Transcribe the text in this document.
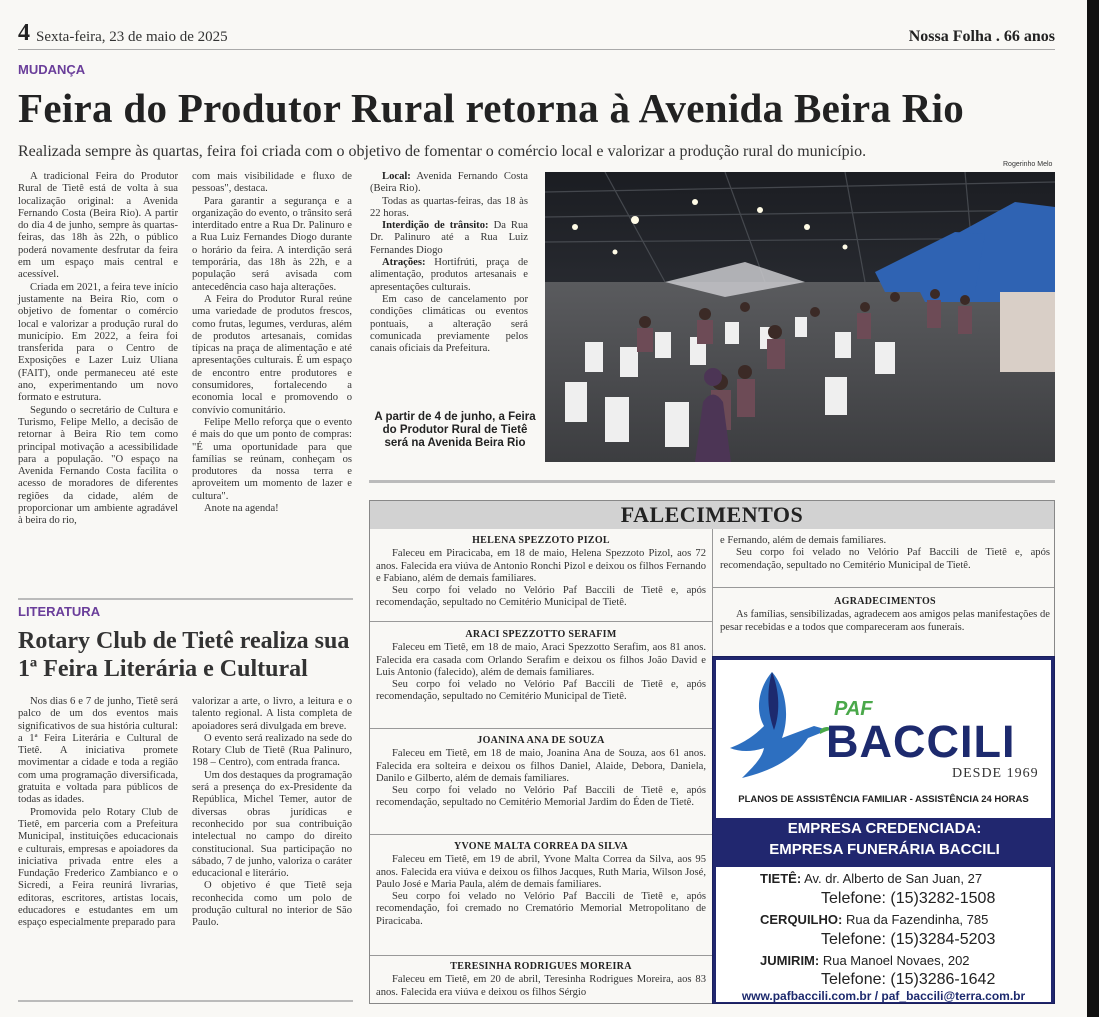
4 Sexta-feira, 23 de maio de 2025	Nossa Folha . 66 anos
MUDANÇA
Feira do Produtor Rural retorna à Avenida Beira Rio
Realizada sempre às quartas, feira foi criada com o objetivo de fomentar o comércio local e valorizar a produção rural do município.

A tradicional Feira do Produtor Rural de Tietê está de volta à sua localização original: a Avenida Fernando Costa (Beira Rio). A partir do dia 4 de junho, sempre às quartas-feiras, das 18h às 22h, o público poderá novamente desfrutar da feira em um espaço mais central e acessível.

Criada em 2021, a feira teve início justamente na Beira Rio, com o objetivo de fomentar o comércio local e valorizar a produção rural do município. Em 2022, a feira foi transferida para o Centro de Exposições e Lazer Luiz Uliana (FAIT), onde permaneceu até este ano, experimentando um novo formato e estrutura.

Segundo o secretário de Cultura e Turismo, Felipe Mello, a decisão de retornar à Beira Rio tem como principal motivação a acessibilidade para a população. "O espaço na Avenida Fernando Costa facilita o acesso de moradores de diferentes regiões da cidade, além de proporcionar um ambiente agradável à beira do rio,

com mais visibilidade e fluxo de pessoas", destaca.

Para garantir a segurança e a organização do evento, o trânsito será interditado entre a Rua Dr. Palinuro e a Rua Luiz Fernandes Diogo durante o horário da feira. A interdição será temporária, das 18h às 22h, e a população será avisada com antecedência caso haja alterações.

A Feira do Produtor Rural reúne uma variedade de produtos frescos, como frutas, legumes, verduras, além de produtos artesanais, comidas típicas na praça de alimentação e até apresentações culturais. É um espaço de encontro entre produtores e consumidores, fortalecendo a economia local e promovendo o convívio comunitário.

Felipe Mello reforça que o evento é mais do que um ponto de compras: "É uma oportunidade para que famílias se reúnam, conheçam os produtores da nossa terra e aproveitem um momento de lazer e cultura".

Anote na agenda!

Local: Avenida Fernando Costa (Beira Rio).

Todas as quartas-feiras, das 18 às 22 horas.

Interdição de trânsito: Da Rua Dr. Palinuro até a Rua Luiz Fernandes Diogo

Atrações: Hortifrúti, praça de alimentação, produtos artesanais e apresentações culturais.

Em caso de cancelamento por condições climáticas ou eventos pontuais, a alteração será comunicada previamente pelos canais oficiais da Prefeitura.

A partir de 4 de junho, a Feira do Produtor Rural de Tietê será na Avenida Beira Rio
Rogerinho Melo
LITERATURA
Rotary Club de Tietê realiza sua 1ª Feira Literária e Cultural

Nos dias 6 e 7 de junho, Tietê será palco de um dos eventos mais significativos de sua história cultural: a 1ª Feira Literária e Cultural de Tietê. A iniciativa promete movimentar a cidade e toda a região com uma programação diversificada, gratuita e voltada para públicos de todas as idades.

Promovida pelo Rotary Club de Tietê, em parceria com a Prefeitura Municipal, instituições educacionais e culturais, empresas e apoiadores da iniciativa privada entre eles a Fundação Frederico Zambianco e o Sicredi, a Feira reunirá livrarias, editoras, escritores, artistas locais, educadores e estudantes em um espaço especialmente preparado para

valorizar a arte, o livro, a leitura e o talento regional. A lista completa de apoiadores será divulgada em breve.

O evento será realizado na sede do Rotary Club de Tietê (Rua Palinuro, 198 – Centro), com entrada franca.

Um dos destaques da programação será a presença do ex-Presidente da República, Michel Temer, autor de diversas obras jurídicas e reconhecido por sua contribuição intelectual no campo do direito constitucional. Sua participação no sábado, 7 de junho, valoriza o caráter educacional e literário.

O objetivo é que Tietê seja reconhecida como um polo de produção cultural no interior de São Paulo.

FALECIMENTOS
HELENA SPEZZOTO PIZOL

Faleceu em Piracicaba, em 18 de maio, Helena Spezzoto Pizol, aos 72 anos. Falecida era viúva de Antonio Ronchi Pizol e deixou os filhos Fernando e Fabiano, além de demais familiares.

Seu corpo foi velado no Velório Paf Baccili de Tietê e, após recomendação, sepultado no Cemitério Municipal de Tietê.

ARACI SPEZZOTTO SERAFIM

Faleceu em Tietê, em 18 de maio, Araci Spezzotto Serafim, aos 81 anos. Falecida era casada com Orlando Serafim e deixou os filhos João David e Luis Antonio (falecido), além de demais familiares.

Seu corpo foi velado no Velório Paf Baccili de Tietê e, após recomendação, sepultado no Cemitério Municipal de Tietê.

JOANINA ANA DE SOUZA

Faleceu em Tietê, em 18 de maio, Joanina Ana de Souza, aos 61 anos. Falecida era solteira e deixou os filhos Daniel, Alaide, Debora, Daniela, Danilo e Gilberto, além de demais familiares.

Seu corpo foi velado no Velório Paf Baccili de Tietê e, após recomendação, sepultado no Cemitério Memorial Jardim do Éden de Tietê.

YVONE MALTA CORREA DA SILVA

Faleceu em Tietê, em 19 de abril, Yvone Malta Correa da Silva, aos 95 anos. Falecida era viúva e deixou os filhos Jacques, Ruth Maria, Wilson José, Paulo José e Maria Paula, além de demais familiares.

Seu corpo foi velado no Velório Paf Baccili de Tietê e, após recomendação, foi cremado no Crematório Memorial Metropolitano de Piracicaba.

TERESINHA RODRIGUES MOREIRA

Faleceu em Tietê, em 20 de abril, Teresinha Rodrigues Moreira, aos 83 anos. Falecida era viúva e deixou os filhos Sérgio

e Fernando, além de demais familiares.

Seu corpo foi velado no Velório Paf Baccili de Tietê e, após recomendação, sepultado no Cemitério Municipal de Tietê.

AGRADECIMENTOS

As famílias, sensibilizadas, agradecem aos amigos pelas manifestações de pesar recebidas e a todos que compareceram aos funerais.

PAF
BACCILI
DESDE 1969
PLANOS DE ASSISTÊNCIA FAMILIAR - ASSISTÊNCIA 24 HORAS
EMPRESA CREDENCIADA:
EMPRESA FUNERÁRIA BACCILI
TIETÊ: Av. dr. Alberto de San Juan, 27
Telefone: (15)3282-1508
CERQUILHO: Rua da Fazendinha, 785
Telefone: (15)3284-5203
JUMIRIM: Rua Manoel Novaes, 202
Telefone: (15)3286-1642
www.pafbaccili.com.br / paf_baccili@terra.com.br
